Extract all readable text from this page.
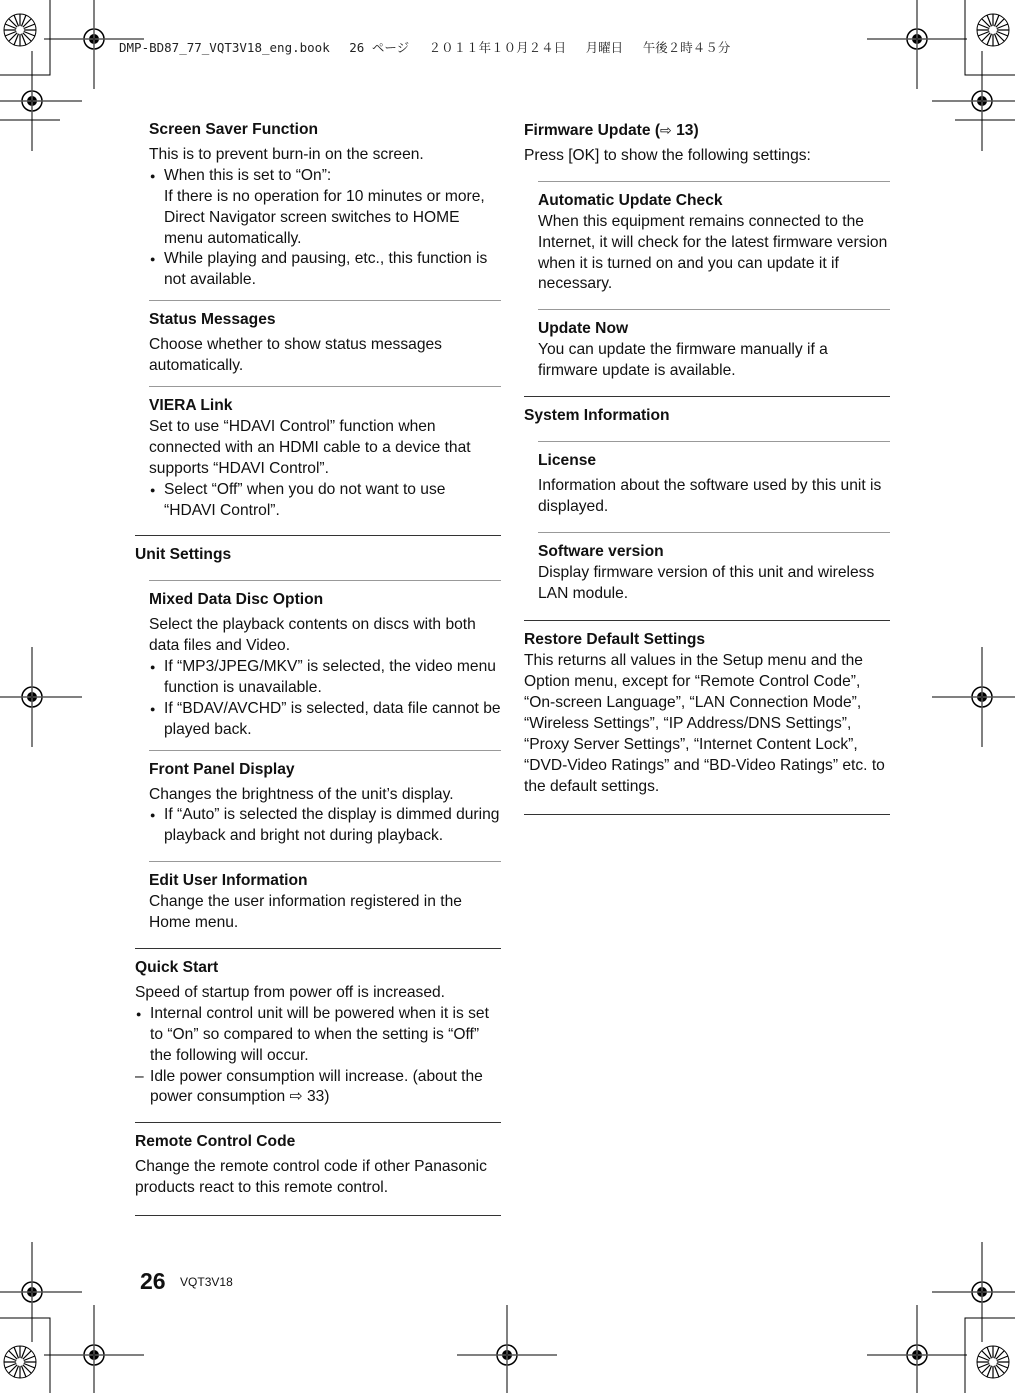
DMP-BD87_77_VQT3V18_eng.book 26 ページ ２０１１年１０月２４日 月曜日 午後２時４５分

Screen Saver Function

This is to prevent burn-in on the screen.

● When this is set to “On”:
If there is no operation for 10 minutes or more, Direct Navigator screen switches to HOME menu automatically.

● While playing and pausing, etc., this function is not available.

Status Messages

Choose whether to show status messages automatically.

VIERA Link

Set to use “HDAVI Control” function when connected with an HDMI cable to a device that supports “HDAVI Control”.

● Select “Off” when you do not want to use “HDAVI Control”.

Unit Settings

Mixed Data Disc Option

Select the playback contents on discs with both data files and Video.

● If “MP3/JPEG/MKV” is selected, the video menu function is unavailable.

● If “BDAV/AVCHD” is selected, data file cannot be played back.

Front Panel Display

Changes the brightness of the unit’s display.

● If “Auto” is selected the display is dimmed during playback and bright not during playback.

Edit User Information

Change the user information registered in the Home menu.

Quick Start

Speed of startup from power off is increased.

● Internal control unit will be powered when it is set to “On” so compared to when the setting is “Off” the following will occur.

– Idle power consumption will increase. (about the power consumption ⇨ 33)

Remote Control Code

Change the remote control code if other Panasonic products react to this remote control.

Firmware Update (⇨ 13)

Press [OK] to show the following settings:

Automatic Update Check

When this equipment remains connected to the Internet, it will check for the latest firmware version when it is turned on and you can update it if necessary.

Update Now

You can update the firmware manually if a firmware update is available.

System Information

License

Information about the software used by this unit is displayed.

Software version

Display firmware version of this unit and wireless LAN module.

Restore Default Settings

This returns all values in the Setup menu and the Option menu, except for “Remote Control Code”, “On-screen Language”, “LAN Connection Mode”, “Wireless Settings”, “IP Address/DNS Settings”, “Proxy Server Settings”, “Internet Content Lock”, “DVD-Video Ratings” and “BD-Video Ratings” etc. to the default settings.

26 VQT3V18
